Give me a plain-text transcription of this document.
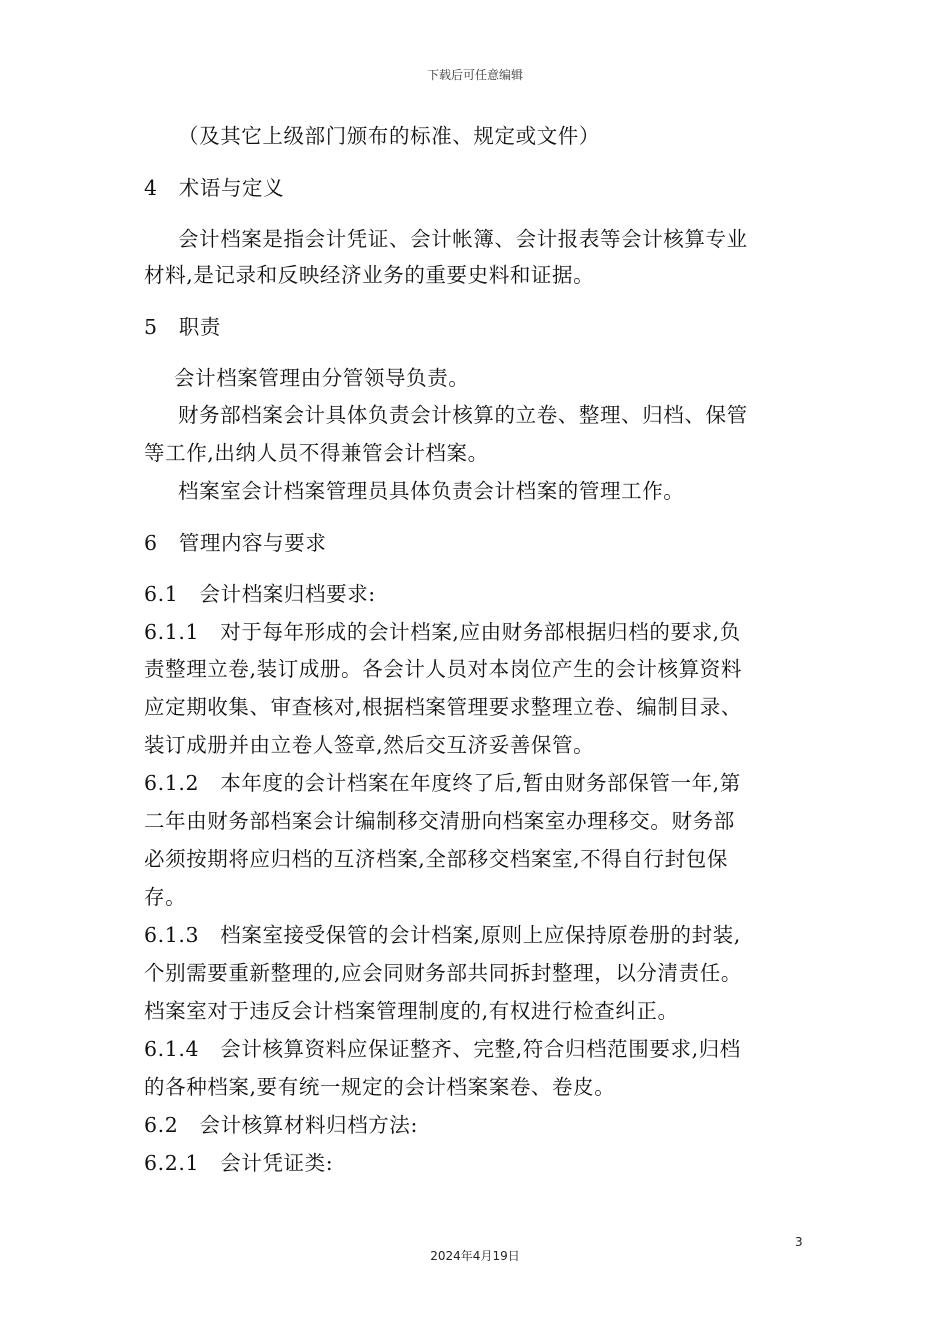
下载后可任意编辑
（及其它上级部门颁布的标准、规定或文件）
4　术语与定义
会计档案是指会计凭证、会计帐簿、会计报表等会计核算专业
材料,是记录和反映经济业务的重要史料和证据。
5　职责
会计档案管理由分管领导负责。
财务部档案会计具体负责会计核算的立卷、整理、归档、保管
等工作,出纳人员不得兼管会计档案。
档案室会计档案管理员具体负责会计档案的管理工作。
6　管理内容与要求
6.1　会计档案归档要求:
6.1.1　对于每年形成的会计档案,应由财务部根据归档的要求,负
责整理立卷,装订成册。各会计人员对本岗位产生的会计核算资料
应定期收集、审查核对,根据档案管理要求整理立卷、编制目录、
装订成册并由立卷人签章,然后交互济妥善保管。
6.1.2　本年度的会计档案在年度终了后,暂由财务部保管一年,第
二年由财务部档案会计编制移交清册向档案室办理移交。财务部
必须按期将应归档的互济档案,全部移交档案室,不得自行封包保
存。
6.1.3　档案室接受保管的会计档案,原则上应保持原卷册的封装,
个别需要重新整理的,应会同财务部共同拆封整理，以分清责任。
档案室对于违反会计档案管理制度的,有权进行检查纠正。
6.1.4　会计核算资料应保证整齐、完整,符合归档范围要求,归档
的各种档案,要有统一规定的会计档案案卷、卷皮。
6.2　会计核算材料归档方法:
6.2.1　会计凭证类:
3
2024年4月19日
